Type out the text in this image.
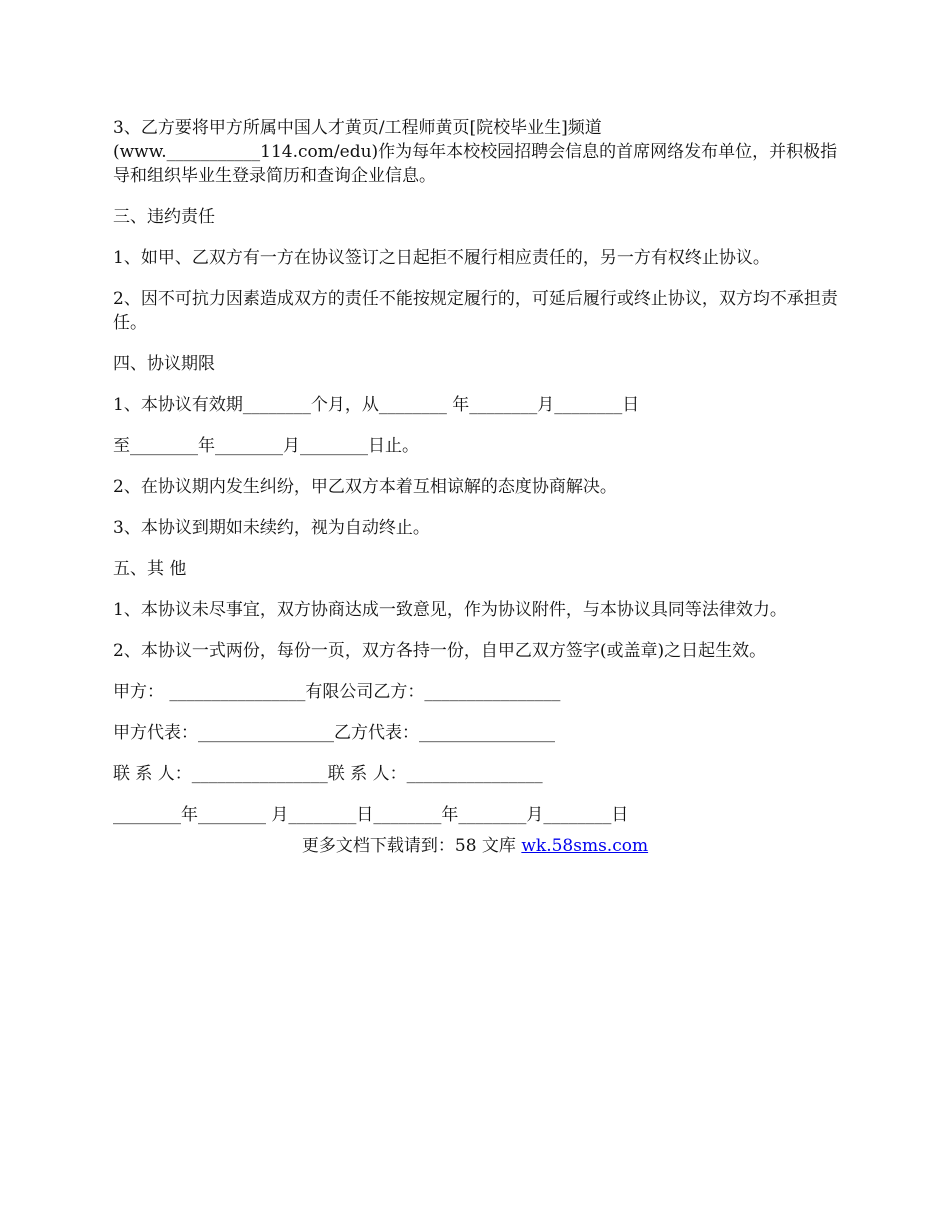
3、乙方要将甲方所属中国人才黄页/工程师黄页[院校毕业生]频道
(www.___________114.com/edu)作为每年本校校园招聘会信息的首席网络发布单位，并积极指导和组织毕业生登录简历和查询企业信息。

三、违约责任

1、如甲、乙双方有一方在协议签订之日起拒不履行相应责任的，另一方有权终止协议。

2、因不可抗力因素造成双方的责任不能按规定履行的，可延后履行或终止协议，双方均不承担责任。

四、协议期限

1、本协议有效期________个月，从________ 年________月________日

至________年________月________日止。

2、在协议期内发生纠纷，甲乙双方本着互相谅解的态度协商解决。

3、本协议到期如未续约，视为自动终止。

五、其 他

1、本协议未尽事宜，双方协商达成一致意见，作为协议附件，与本协议具同等法律效力。

2、本协议一式两份，每份一页，双方各持一份，自甲乙双方签字(或盖章)之日起生效。

甲方： ________________有限公司乙方：________________

甲方代表：________________乙方代表：________________

联 系 人：________________联 系 人：________________

________年________ 月________日________年________月________日

更多文档下载请到：58 文库 wk.58sms.com
